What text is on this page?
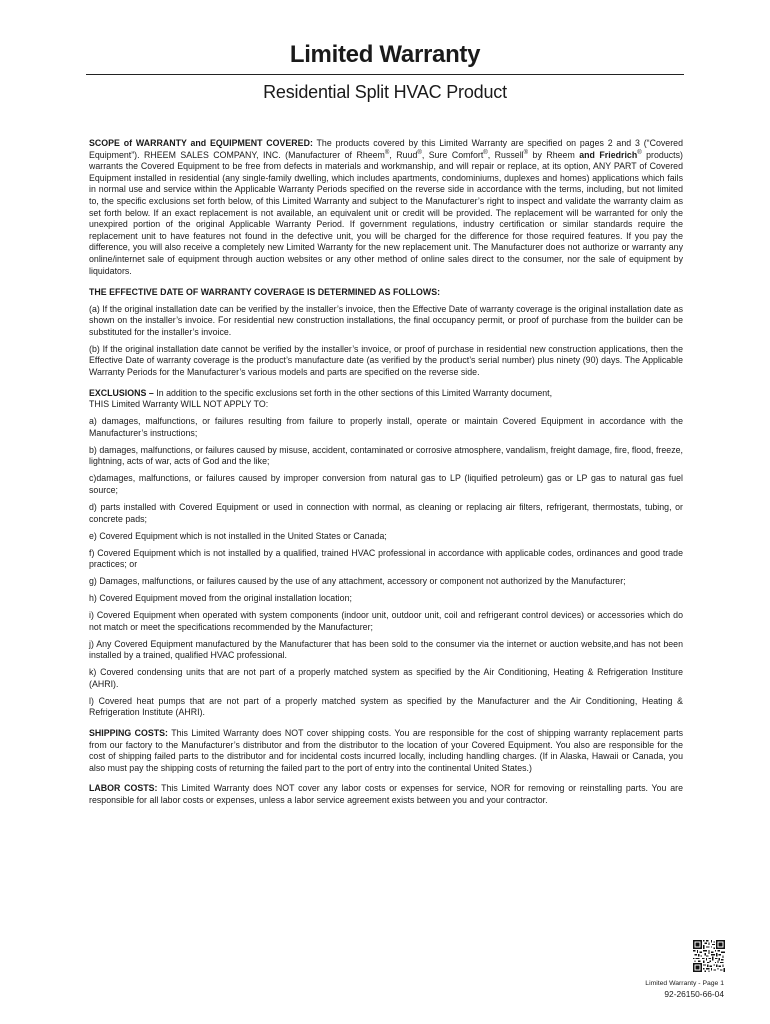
Limited Warranty
Residential Split HVAC Product

SCOPE of WARRANTY and EQUIPMENT COVERED: The products covered by this Limited Warranty are specified on pages 2 and 3 (“Covered Equipment”). RHEEM SALES COMPANY, INC. (Manufacturer of Rheem®, Ruud®, Sure Comfort®, Russell® by Rheem and Friedrich® products) warrants the Covered Equipment to be free from defects in materials and workmanship, and will repair or replace, at its option, ANY PART of Covered Equipment installed in residential (any single-family dwelling, which includes apartments, condominiums, duplexes and homes) applications which fails in normal use and service within the Applicable Warranty Periods specified on the reverse side in accordance with the terms, including, but not limited to, the specific exclusions set forth below, of this Limited Warranty and subject to the Manufacturer’s right to inspect and validate the warranty claim as set forth below. If an exact replacement is not available, an equivalent unit or credit will be provided. The replacement will be warranted for only the unexpired portion of the original Applicable Warranty Period. If government regulations, industry certification or similar standards require the replacement unit to have features not found in the defective unit, you will be charged for the difference for those required features. If you pay the difference, you will also receive a completely new Limited Warranty for the new replacement unit. The Manufacturer does not authorize or warranty any online/internet sale of equipment through auction websites or any other method of online sales direct to the consumer, nor the sale of equipment by liquidators.

THE EFFECTIVE DATE OF WARRANTY COVERAGE IS DETERMINED AS FOLLOWS:

(a) If the original installation date can be verified by the installer’s invoice, then the Effective Date of warranty coverage is the original installation date as shown on the installer’s invoice. For residential new construction installations, the final occupancy permit, or proof of purchase from the builder can be substituted for the installer’s invoice.

(b) If the original installation date cannot be verified by the installer’s invoice, or proof of purchase in residential new construction applications, then the Effective Date of warranty coverage is the product’s manufacture date (as verified by the product’s serial number) plus ninety (90) days. The Applicable Warranty Periods for the Manufacturer’s various models and parts are specified on the reverse side.

EXCLUSIONS – In addition to the specific exclusions set forth in the other sections of this Limited Warranty document,
THIS Limited Warranty WILL NOT APPLY TO:

a) damages, malfunctions, or failures resulting from failure to properly install, operate or maintain Covered Equipment in accordance with the Manufacturer’s instructions;

b) damages, malfunctions, or failures caused by misuse, accident, contaminated or corrosive atmosphere, vandalism, freight damage, fire, flood, freeze, lightning, acts of war, acts of God and the like;

c)damages, malfunctions, or failures caused by improper conversion from natural gas to LP (liquified petroleum) gas or LP gas to natural gas fuel source;

d) parts installed with Covered Equipment or used in connection with normal, as cleaning or replacing air filters, refrigerant, thermostats, tubing, or concrete pads;

e) Covered Equipment which is not installed in the United States or Canada;

f) Covered Equipment which is not installed by a qualified, trained HVAC professional in accordance with applicable codes, ordinances and good trade practices; or

g) Damages, malfunctions, or failures caused by the use of any attachment, accessory or component not authorized by the Manufacturer;

h) Covered Equipment moved from the original installation location;

i) Covered Equipment when operated with system components (indoor unit, outdoor unit, coil and refrigerant control devices) or accessories which do not match or meet the specifications recommended by the Manufacturer;

j) Any Covered Equipment manufactured by the Manufacturer that has been sold to the consumer via the internet or auction website,and has not been installed by a trained, qualified HVAC professional.

k) Covered condensing units that are not part of a properly matched system as specified by the Air Conditioning, Heating & Refrigeration Institure (AHRI).

l) Covered heat pumps that are not part of a properly matched system as specified by the Manufacturer and the Air Conditioning, Heating & Refrigeration Institute (AHRI).

SHIPPING COSTS: This Limited Warranty does NOT cover shipping costs. You are responsible for the cost of shipping warranty replacement parts from our factory to the Manufacturer’s distributor and from the distributor to the location of your Covered Equipment. You also are responsible for the cost of shipping failed parts to the distributor and for incidental costs incurred locally, including handling charges. (If in Alaska, Hawaii or Canada, you also must pay the shipping costs of returning the failed part to the port of entry into the continental United States.)

LABOR COSTS: This Limited Warranty does NOT cover any labor costs or expenses for service, NOR for removing or reinstalling parts. You are responsible for all labor costs or expenses, unless a labor service agreement exists between you and your contractor.

Limited Warranty - Page 1
92-26150-66-04
